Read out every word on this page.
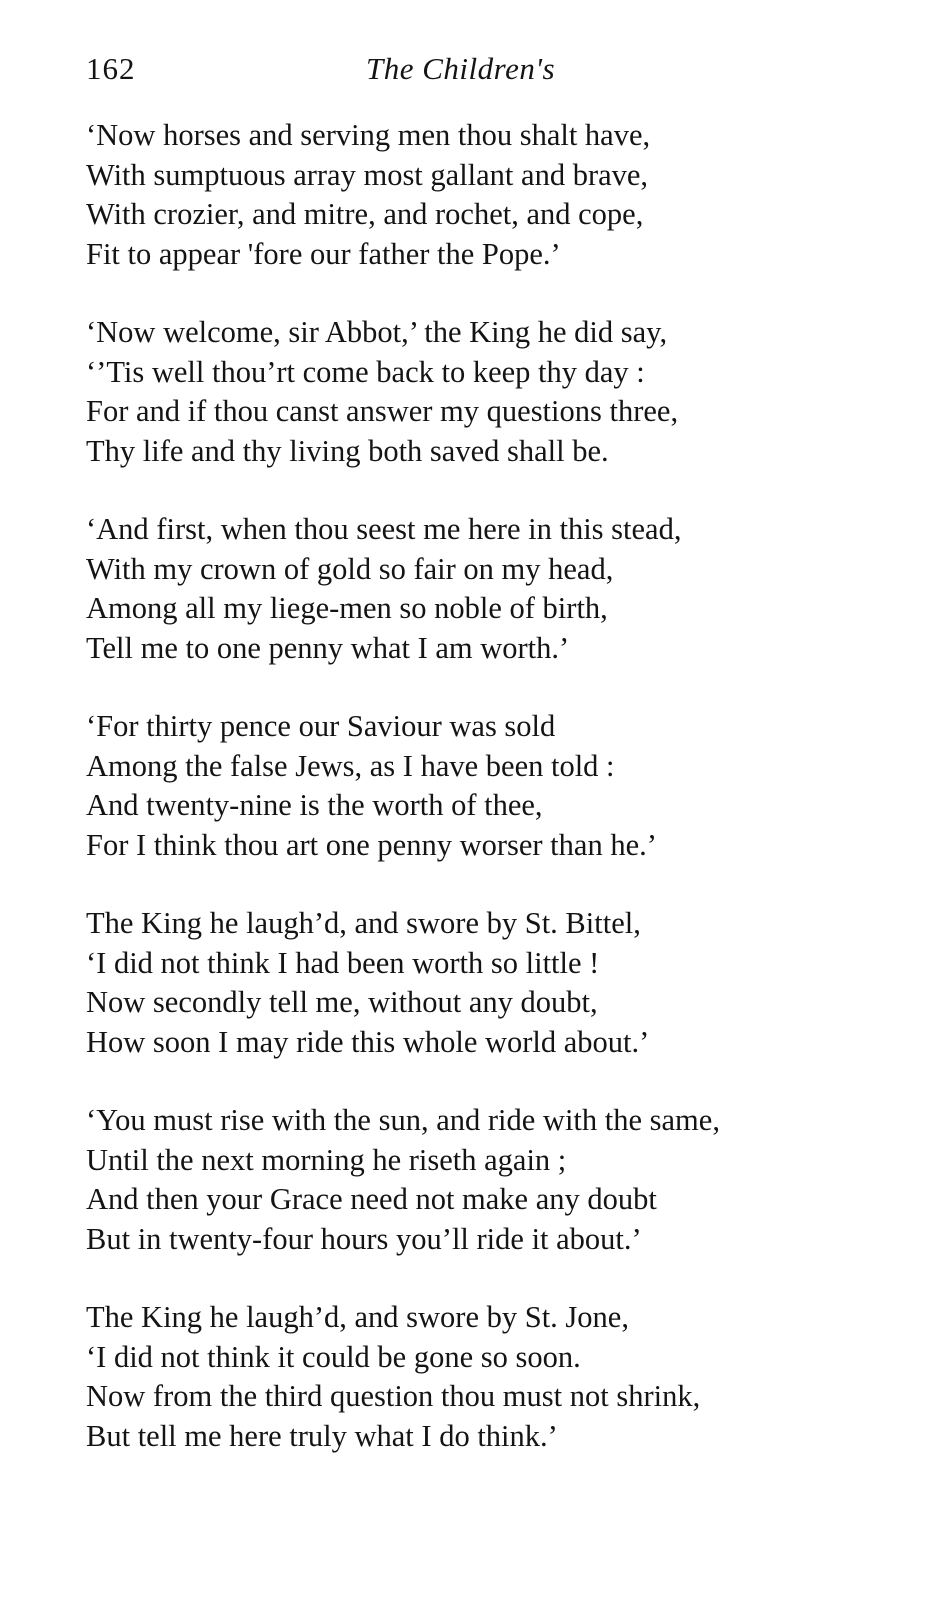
162	The Children's
‘Now horses and serving men thou shalt have,
With sumptuous array most gallant and brave,
With crozier, and mitre, and rochet, and cope,
Fit to appear 'fore our father the Pope.’
‘Now welcome, sir Abbot,’ the King he did say,
‘’Tis well thou’rt come back to keep thy day :
For and if thou canst answer my questions three,
Thy life and thy living both saved shall be.
‘And first, when thou seest me here in this stead,
With my crown of gold so fair on my head,
Among all my liege-men so noble of birth,
Tell me to one penny what I am worth.’
‘For thirty pence our Saviour was sold
Among the false Jews, as I have been told :
And twenty-nine is the worth of thee,
For I think thou art one penny worser than he.’
The King he laugh’d, and swore by St. Bittel,
‘I did not think I had been worth so little !
Now secondly tell me, without any doubt,
How soon I may ride this whole world about.’
‘You must rise with the sun, and ride with the same,
Until the next morning he riseth again ;
And then your Grace need not make any doubt
But in twenty-four hours you’ll ride it about.’
The King he laugh’d, and swore by St. Jone,
‘I did not think it could be gone so soon.
Now from the third question thou must not shrink,
But tell me here truly what I do think.’
